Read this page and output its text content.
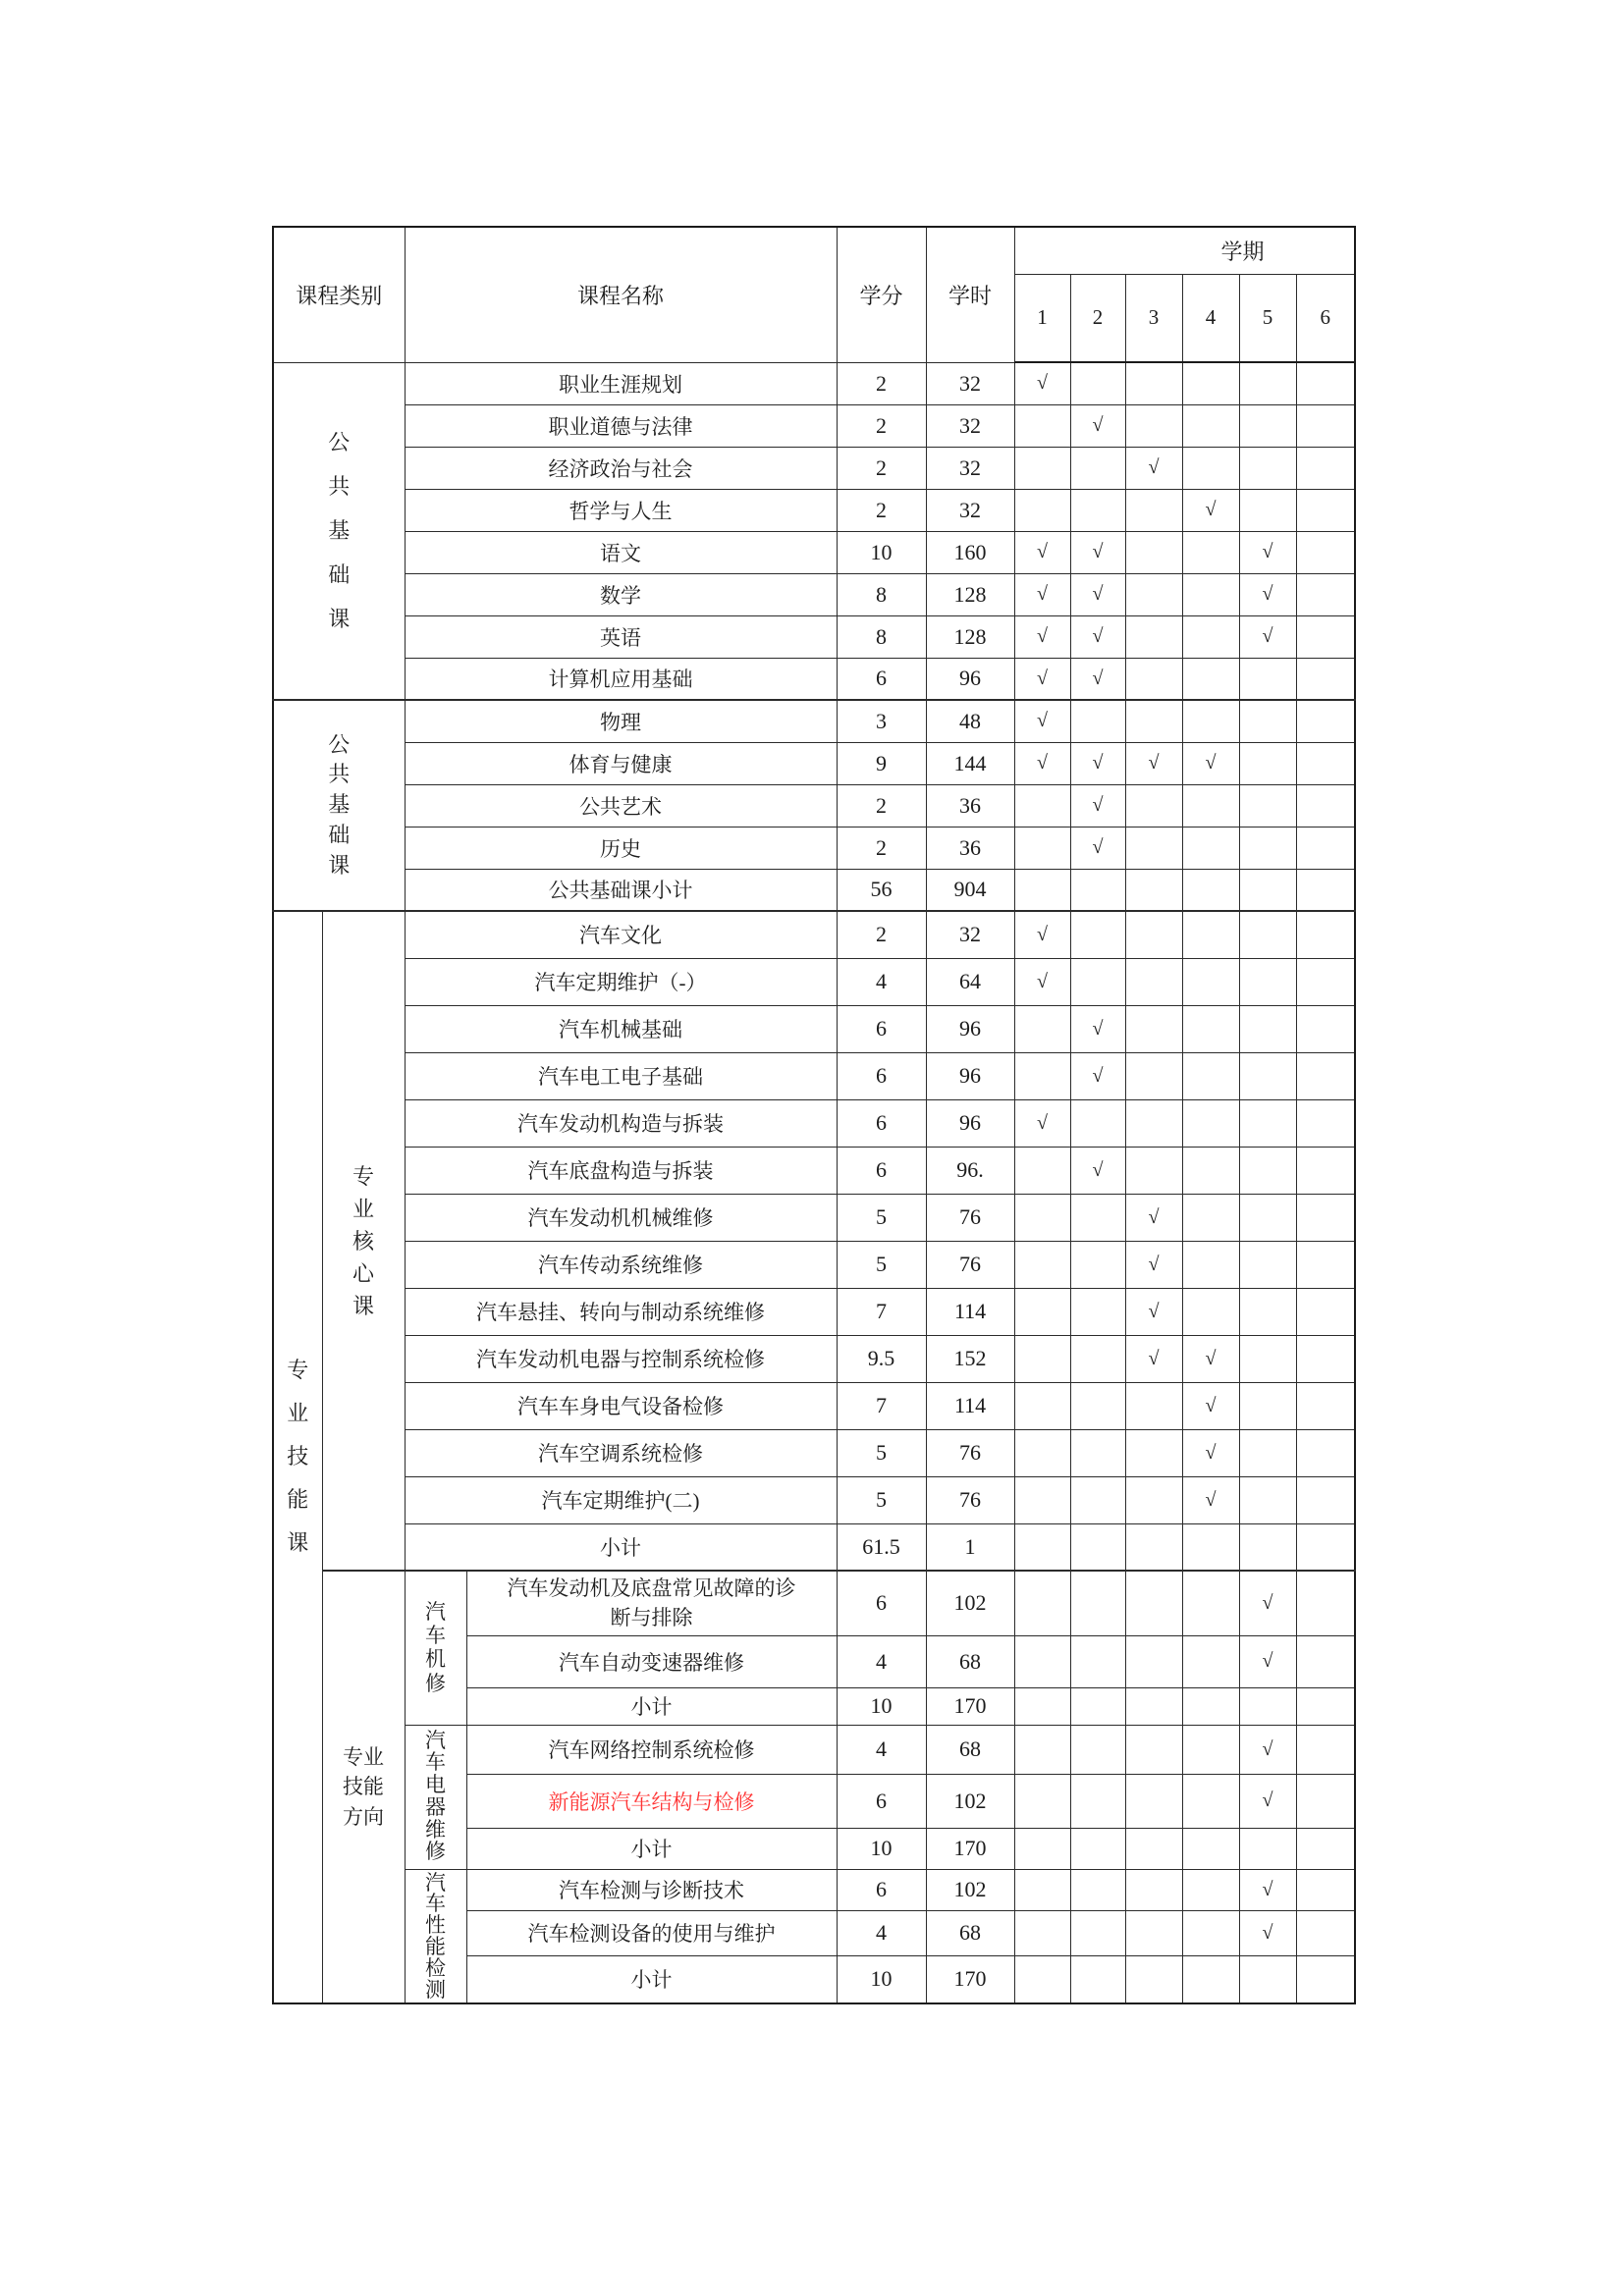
课程类别		课程名称		学分	学时	学期					
						1	2	3	4	5	6
公共基础课		职业生涯规划		2	32	√					
		职业道德与法律		2	32		√				
		经济政治与社会		2	32			√			
		哲学与人生		2	32				√		
		语文		10	160	√	√			√	
		数学		8	128	√	√			√	
		英语		8	128	√	√			√	
		计算机应用基础		6	96	√	√				
公共基础课		物理		3	48	√					
		体育与健康		9	144	√	√	√	√		
		公共艺术		2	36		√				
		历史		2	36		√				
		公共基础课小计		56	904						
专业技能课	专业核心课	汽车文化		2	32	√					
		汽车定期维护（-）		4	64	√					
		汽车机械基础		6	96		√				
		汽车电工电子基础		6	96		√				
		汽车发动机构造与拆装		6	96	√					
		汽车底盘构造与拆装		6	96.		√				
		汽车发动机机械维修		5	76			√			
		汽车传动系统维修		5	76			√			
		汽车悬挂、转向与制动系统维修		7	114			√			
		汽车发动机电器与控制系统检修		9.5	152			√	√		
		汽车车身电气设备检修		7	114				√		
		汽车空调系统检修		5	76				√		
		汽车定期维护(二)		5	76				√		
		小计		61.5	1						
	专业技能方向	汽车机修	汽车发动机及底盘常见故障的诊断与排除	6	102					√	
			汽车自动变速器维修	4	68					√	
			小计	10	170						
		汽车电器维修	汽车网络控制系统检修	4	68					√	
			新能源汽车结构与检修	6	102					√	
			小计	10	170						
		汽车性能检测	汽车检测与诊断技术	6	102					√	
			汽车检测设备的使用与维护	4	68					√	
			小计	10	170						
